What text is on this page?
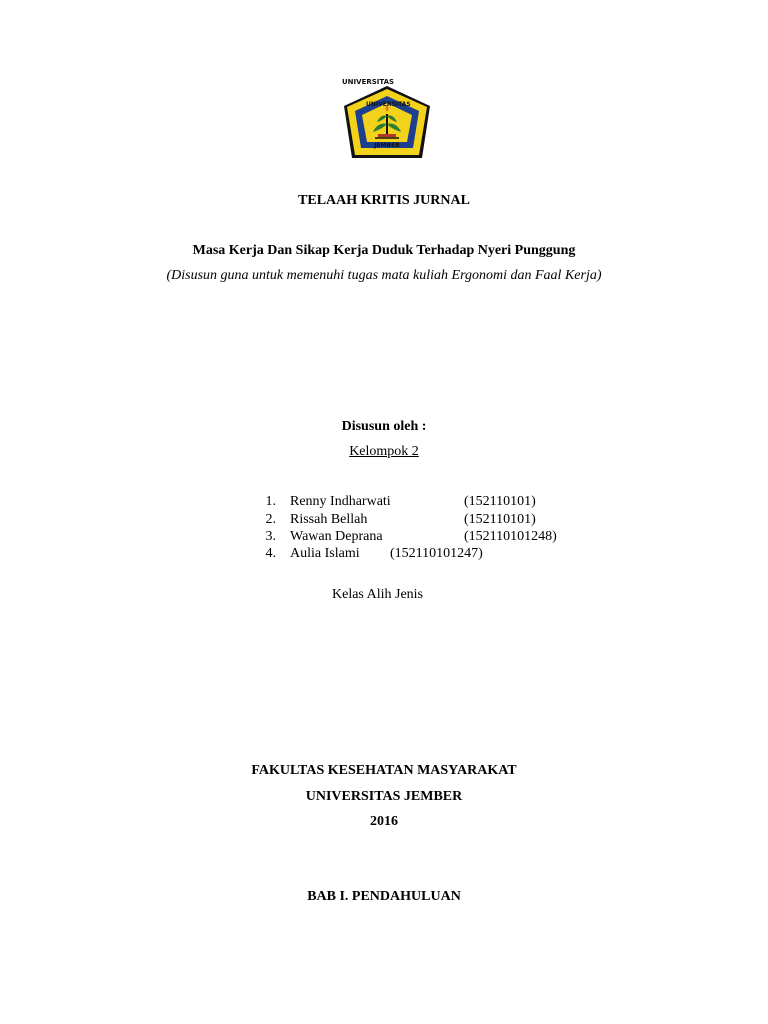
UNIVERSITAS
UNIVERSITAS
JEMBER
TELAAH KRITIS JURNAL
Masa Kerja Dan Sikap Kerja Duduk Terhadap Nyeri Punggung
(Disusun guna untuk memenuhi tugas mata kuliah Ergonomi dan Faal Kerja)
Disusun oleh :
Kelompok 2
1. Renny Indharwati	(152110101)
2. Rissah Bellah	(152110101)
3. Wawan Deprana	(152110101248)
4. Aulia Islami (152110101247)
Kelas Alih Jenis
FAKULTAS KESEHATAN MASYARAKAT
UNIVERSITAS JEMBER
2016
BAB I. PENDAHULUAN
